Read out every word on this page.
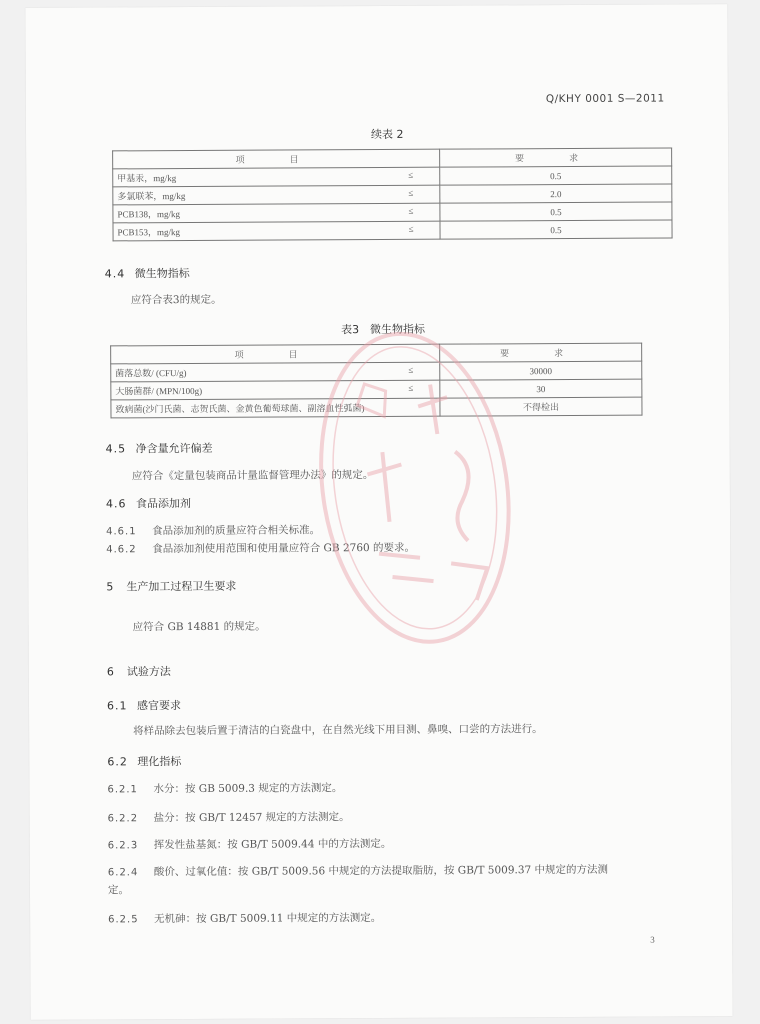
Q/KHY 0001 S—2011
续表 2
项　目	要　求
甲基汞，mg/kg ≤	0.5
多氯联苯，mg/kg ≤	2.0
PCB138，mg/kg ≤	0.5
PCB153，mg/kg ≤	0.5
4.4 微生物指标
应符合表3的规定。
表3　微生物指标
项　目	要　求
菌落总数/ (CFU/g) ≤	30000
大肠菌群/ (MPN/100g) ≤	30
致病菌(沙门氏菌、志贺氏菌、金黄色葡萄球菌、副溶血性弧菌)	不得检出
4.5 净含量允许偏差
应符合《定量包装商品计量监督管理办法》的规定。
4.6 食品添加剂
4.6.1 食品添加剂的质量应符合相关标准。
4.6.2 食品添加剂使用范围和使用量应符合 GB 2760 的要求。
5 生产加工过程卫生要求
应符合 GB 14881 的规定。
6 试验方法
6.1 感官要求
将样品除去包装后置于清洁的白瓷盘中，在自然光线下用目测、鼻嗅、口尝的方法进行。
6.2 理化指标
6.2.1 水分：按 GB 5009.3 规定的方法测定。
6.2.2 盐分：按 GB/T 12457 规定的方法测定。
6.2.3 挥发性盐基氮：按 GB/T 5009.44 中的方法测定。
6.2.4 酸价、过氧化值：按 GB/T 5009.56 中规定的方法提取脂肪，按 GB/T 5009.37 中规定的方法测
定。
6.2.5 无机砷：按 GB/T 5009.11 中规定的方法测定。
3
